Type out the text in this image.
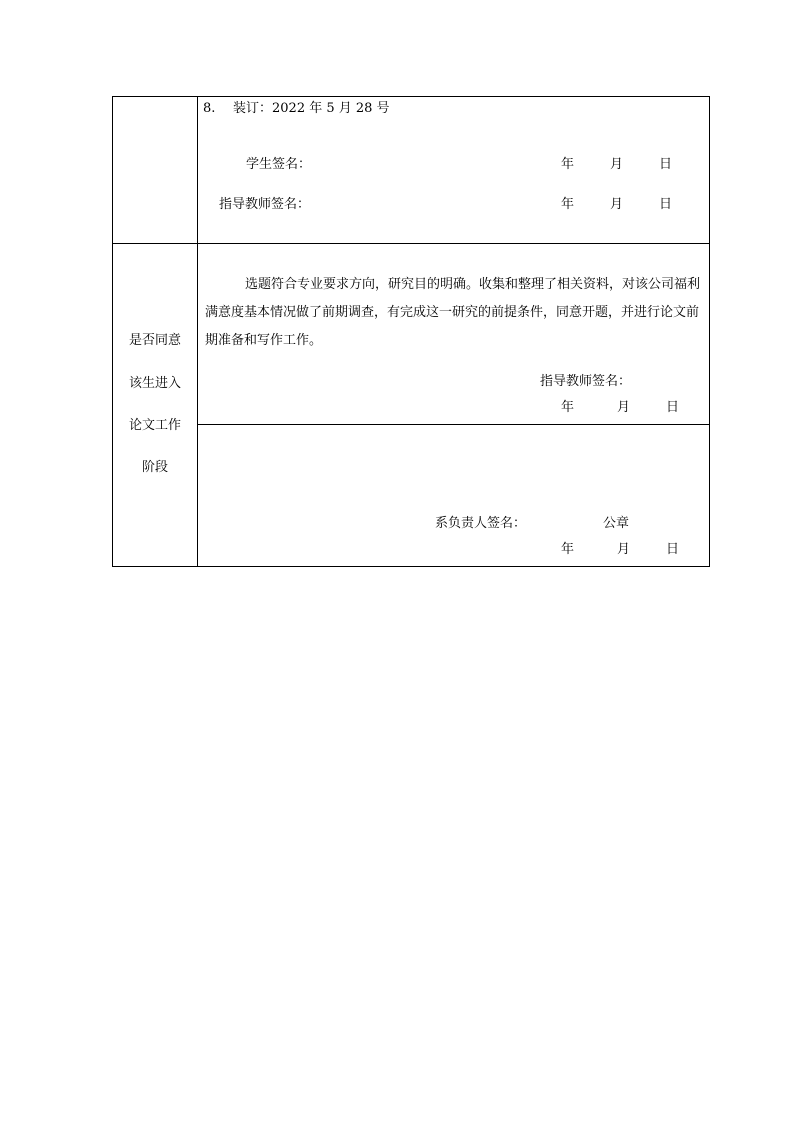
8. 装订：2022 年 5 月 28 号
学生签名：	年	月	日
指导教师签名：	年	月	日
是否同意
该生进入
论文工作
阶段
选题符合专业要求方向，研究目的明确。收集和整理了相关资料，对该公司福利满意度基本情况做了前期调查，有完成这一研究的前提条件，同意开题，并进行论文前期准备和写作工作。
指导教师签名：
年	月	日
系负责人签名：	公章
年	月	日
